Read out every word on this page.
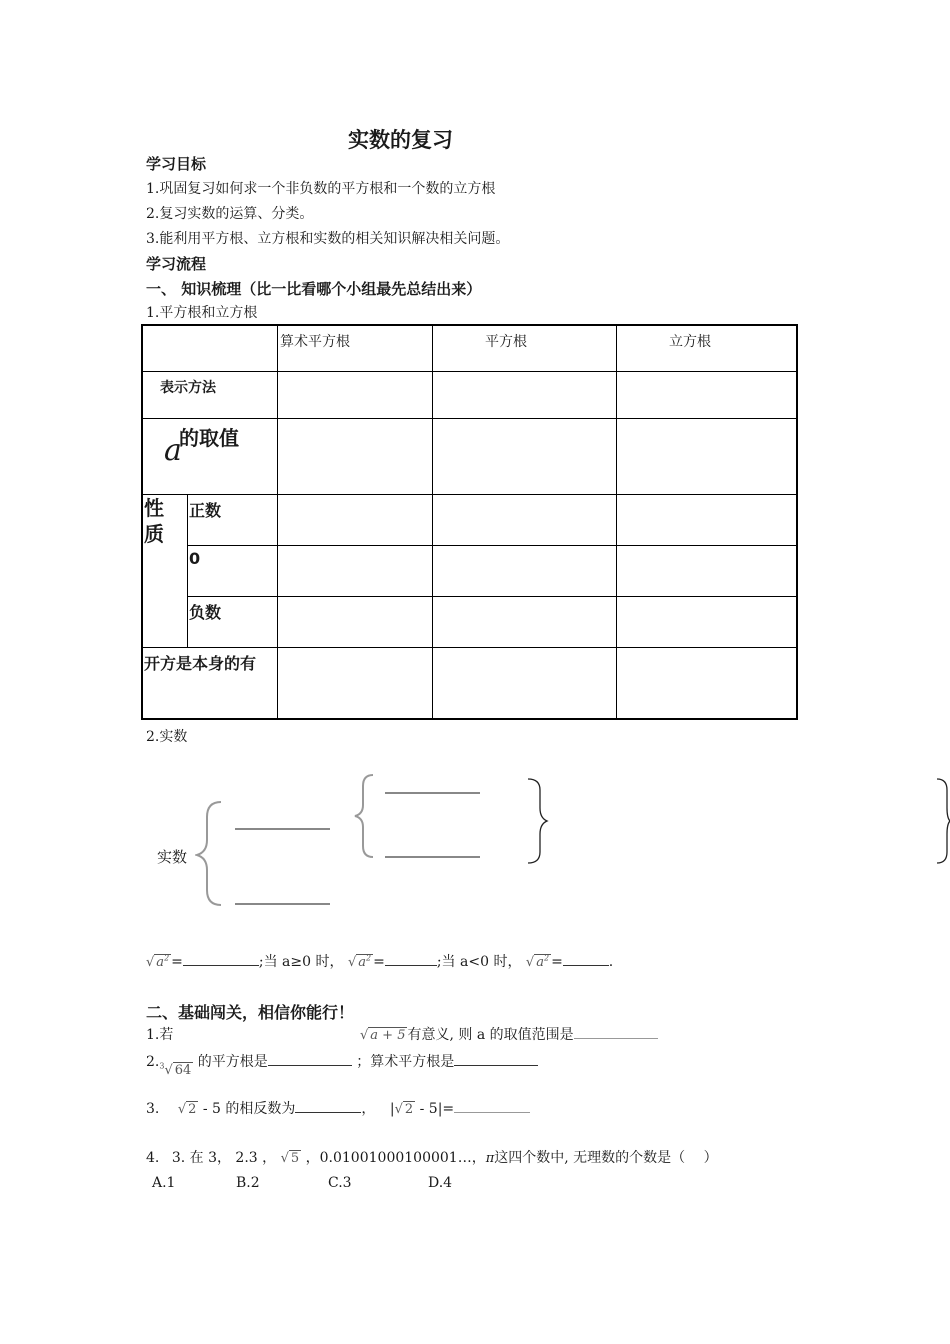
实数的复习
学习目标
1.巩固复习如何求一个非负数的平方根和一个数的立方根
2.复习实数的运算、分类。
3.能利用平方根、立方根和实数的相关知识解决相关问题。
学习流程
一、 知识梳理（比一比看哪个小组最先总结出来）
1.平方根和立方根

		算术平方根	平方根	立方根

表示方法				

a
的取值				

性质	正数			

	0			

	负数			

开方是本身的有				

2.实数
实数
√ $a^2$ =	;当 a≥0 时， √ $a^2$ =	;当 a<0 时， √ $a^2$ =	.
二、基础闯关，相信你能行！
1.若	√ a + 5 有意义, 则 a 的取值范围是
2.$^3$√ 64 的平方根是	；算术平方根是
3. √ 2 - 5 的相反数为	， |√ 2 - 5|=
4. 3. 在 3， 2.3 ， √ 5 ，0.01001000100001…，π这四个数中, 无理数的个数是（　 ）
A.1	B.2	C.3	D.4
